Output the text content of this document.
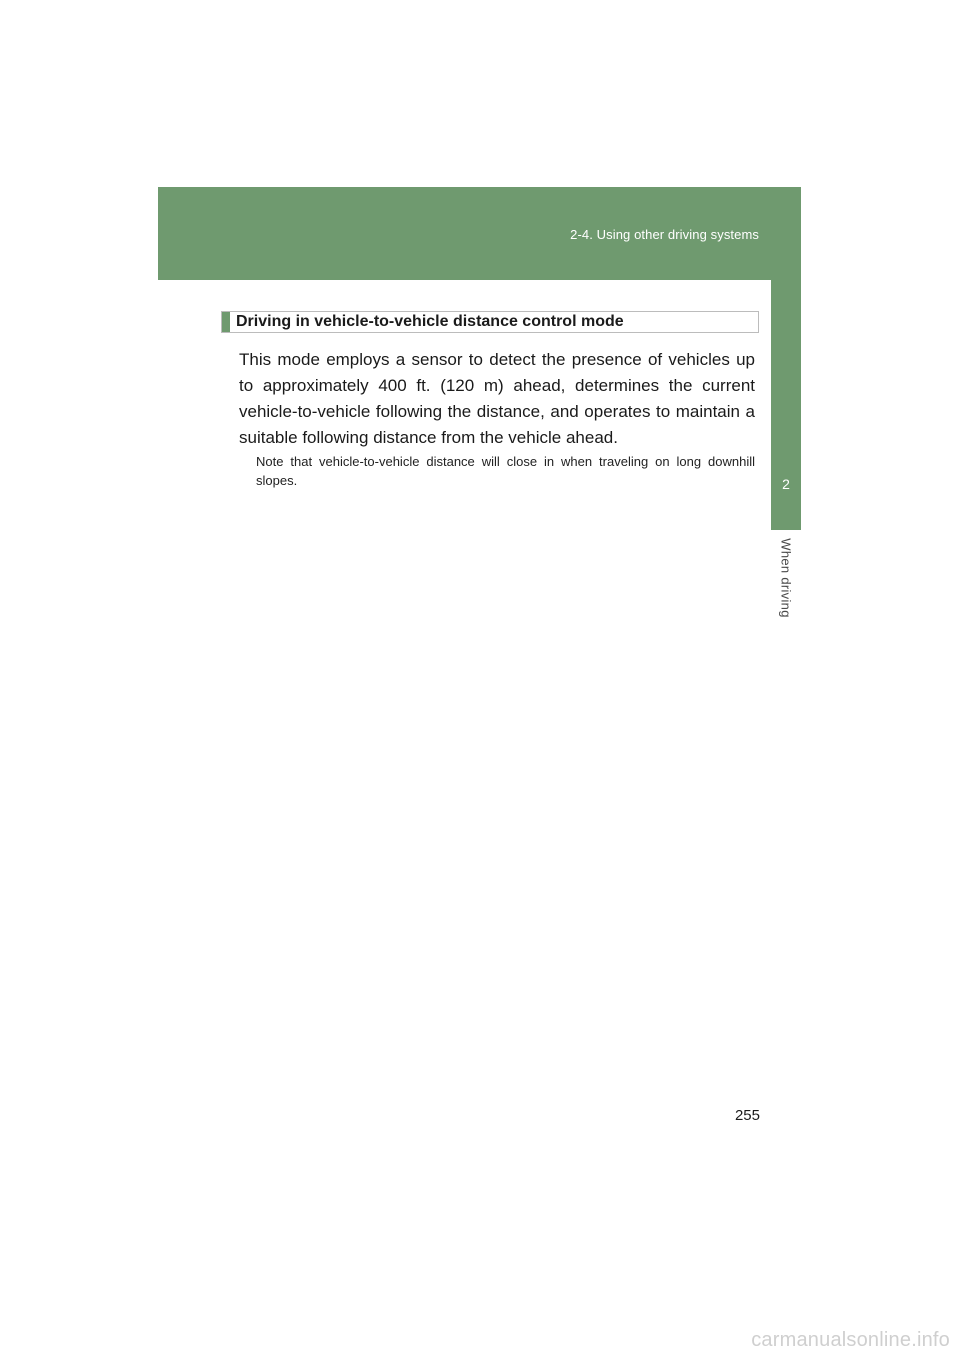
2-4. Using other driving systems
2
When driving
Driving in vehicle-to-vehicle distance control mode

This mode employs a sensor to detect the presence of vehicles up to approximately 400 ft. (120 m) ahead, determines the current vehicle-to-vehicle following the distance, and operates to maintain a suitable following distance from the vehicle ahead.

Note that vehicle-to-vehicle distance will close in when traveling on long downhill slopes.

255
carmanualsonline.info
